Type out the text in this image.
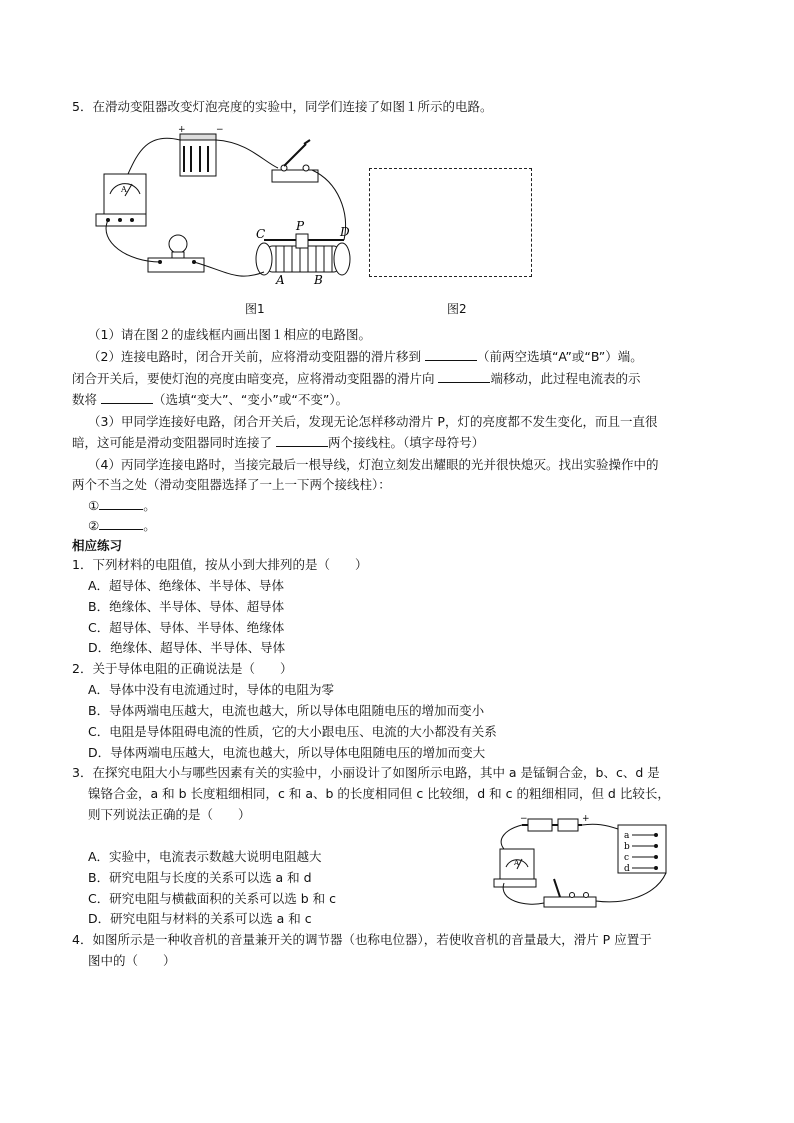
5．在滑动变阻器改变灯泡亮度的实验中，同学们连接了如图１所示的电路。
+	−
A
C
P	D
A B
图1	图2
（1）请在图２的虚线框内画出图１相应的电路图。
（2）连接电路时，闭合开关前，应将滑动变阻器的滑片移到	（前两空选填“A”或“B”）端。
闭合开关后，要使灯泡的亮度由暗变亮，应将滑动变阻器的滑片向	端移动，此过程电流表的示
数将	（选填“变大”、“变小”或“不变”）。
（3）甲同学连接好电路，闭合开关后，发现无论怎样移动滑片 P，灯的亮度都不发生变化，而且一直很
暗，这可能是滑动变阻器同时连接了	两个接线柱。（填字母符号）
（4）丙同学连接电路时，当接完最后一根导线，灯泡立刻发出耀眼的光并很快熄灭。找出实验操作中的
两个不当之处（滑动变阻器选择了一上一下两个接线柱）：
①	。
②	。
相应练习
1．下列材料的电阻值，按从小到大排列的是（　　）
A．超导体、绝缘体、半导体、导体
B．绝缘体、半导体、导体、超导体
C．超导体、导体、半导体、绝缘体
D．绝缘体、超导体、半导体、导体
2．关于导体电阻的正确说法是（　　）
A．导体中没有电流通过时，导体的电阻为零
B．导体两端电压越大，电流也越大，所以导体电阻随电压的增加而变小
C．电阻是导体阻碍电流的性质，它的大小跟电压、电流的大小都没有关系
D．导体两端电压越大，电流也越大，所以导体电阻随电压的增加而变大
3．在探究电阻大小与哪些因素有关的实验中，小丽设计了如图所示电路，其中 a 是锰铜合金，b、c、d 是
镍铬合金，a 和 b 长度粗细相同，c 和 a、b 的长度相同但 c 比较细，d 和 c 的粗细相同，但 d 比较长，
则下列说法正确的是（　　）
A．实验中，电流表示数越大说明电阻越大
B．研究电阻与长度的关系可以选 a 和 d
C．研究电阻与横截面积的关系可以选 b 和 c
D．研究电阻与材料的关系可以选 a 和 c
−	+
A
a
b
c
d
4．如图所示是一种收音机的音量兼开关的调节器（也称电位器），若使收音机的音量最大，滑片 P 应置于
图中的（　　）
